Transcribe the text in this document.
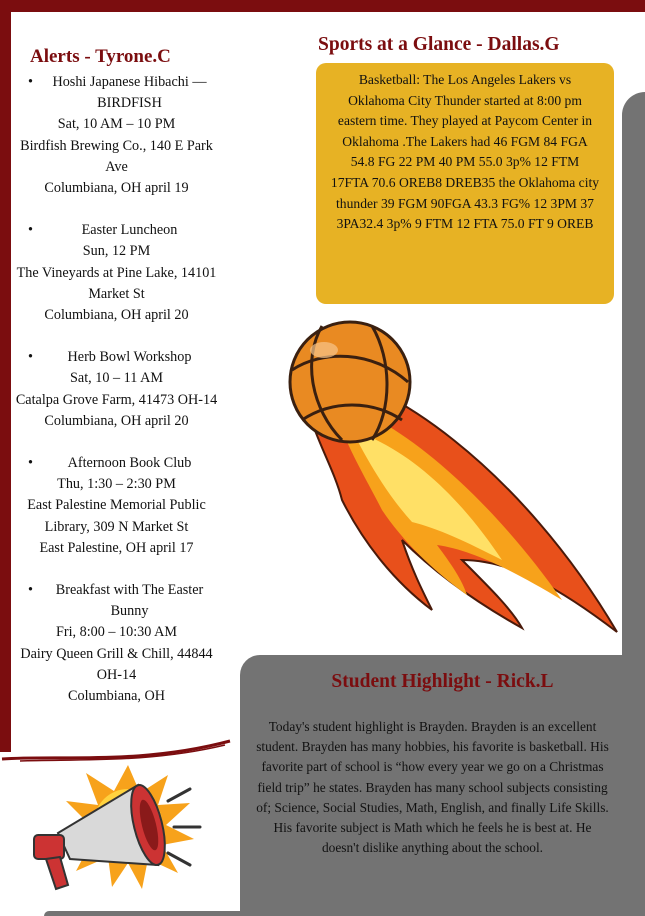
Alerts - Tyrone.C
• Hoshi Japanese Hibachi — BIRDFISH
Sat, 10 AM – 10 PM
Birdfish Brewing Co., 140 E Park Ave
Columbiana, OH april 19
•	Easter Luncheon
Sun, 12 PM
The Vineyards at Pine Lake, 14101 Market St
Columbiana, OH april 20
• Herb Bowl Workshop
Sat, 10 – 11 AM
Catalpa Grove Farm, 41473 OH-14
Columbiana, OH april 20
• Afternoon Book Club
Thu, 1:30 – 2:30 PM
East Palestine Memorial Public Library, 309 N Market St
East Palestine, OH april 17
• Breakfast with The Easter Bunny
Fri, 8:00 – 10:30 AM
Dairy Queen Grill & Chill, 44844 OH-14
Columbiana, OH
Sports at a Glance - Dallas.G
Basketball: The Los Angeles Lakers vs Oklahoma City Thunder started at 8:00 pm eastern time. They played at Paycom Center in Oklahoma .The Lakers had 46 FGM 84 FGA 54.8 FG 22 PM 40 PM 55.0 3p% 12 FTM 17FTA 70.6 OREB8 DREB35 the Oklahoma city thunder 39 FGM 90FGA 43.3 FG% 12 3PM 37 3PA32.4 3p% 9 FTM 12 FTA 75.0 FT 9 OREB
Student Highlight - Rick.L
Today's student highlight is Brayden. Brayden is an excellent student. Brayden has many hobbies, his favorite is basketball. His favorite part of school is “how every year we go on a Christmas field trip” he states. Brayden has many school subjects consisting of; Science, Social Studies, Math, English, and finally Life Skills. His favorite subject is Math which he feels he is best at. He doesn't dislike anything about the school.
